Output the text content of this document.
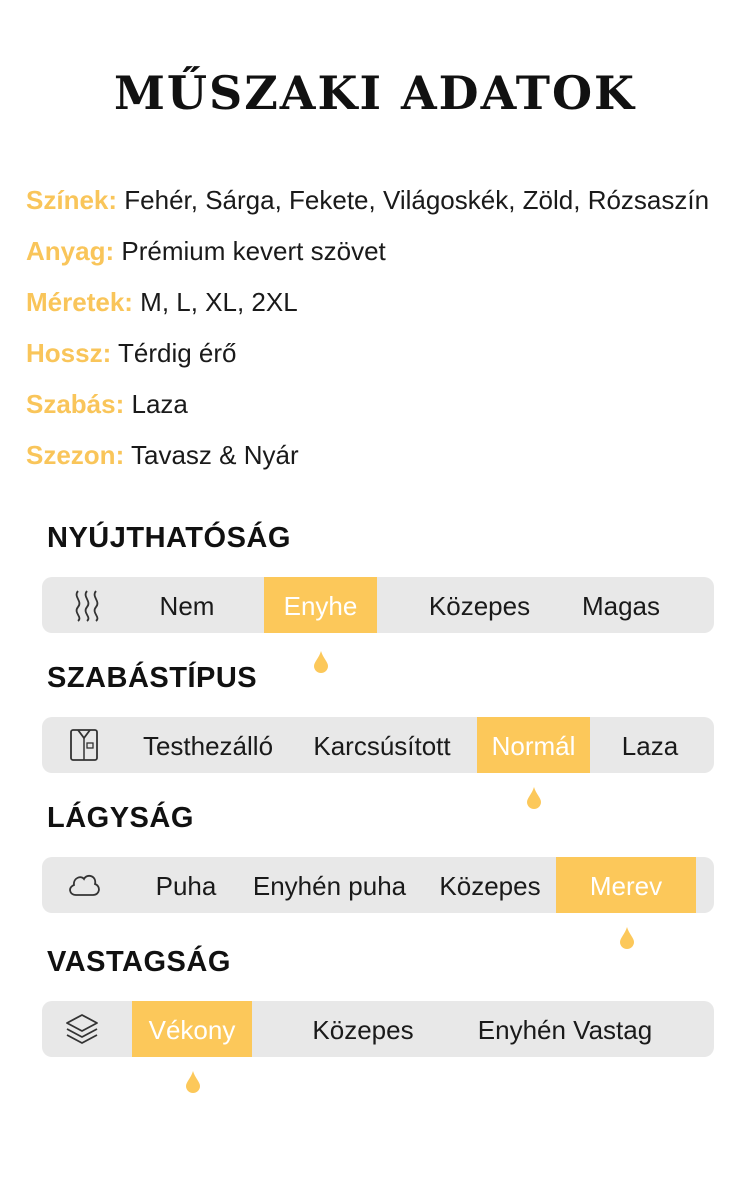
MŰSZAKI ADATOK
Színek: Fehér, Sárga, Fekete, Világoskék, Zöld, Rózsaszín
Anyag: Prémium kevert szövet
Méretek: M, L, XL, 2XL
Hossz: Térdig érő
Szabás: Laza
Szezon: Tavasz & Nyár
NYÚJTHATÓSÁG
Nem	Enyhe	Közepes	Magas
SZABÁSTÍPUS
Testhezálló	Karcsúsított	Normál	Laza
LÁGYSÁG
Puha	Enyhén puha	Közepes	Merev
VASTAGSÁG
Vékony	Közepes	Enyhén Vastag
